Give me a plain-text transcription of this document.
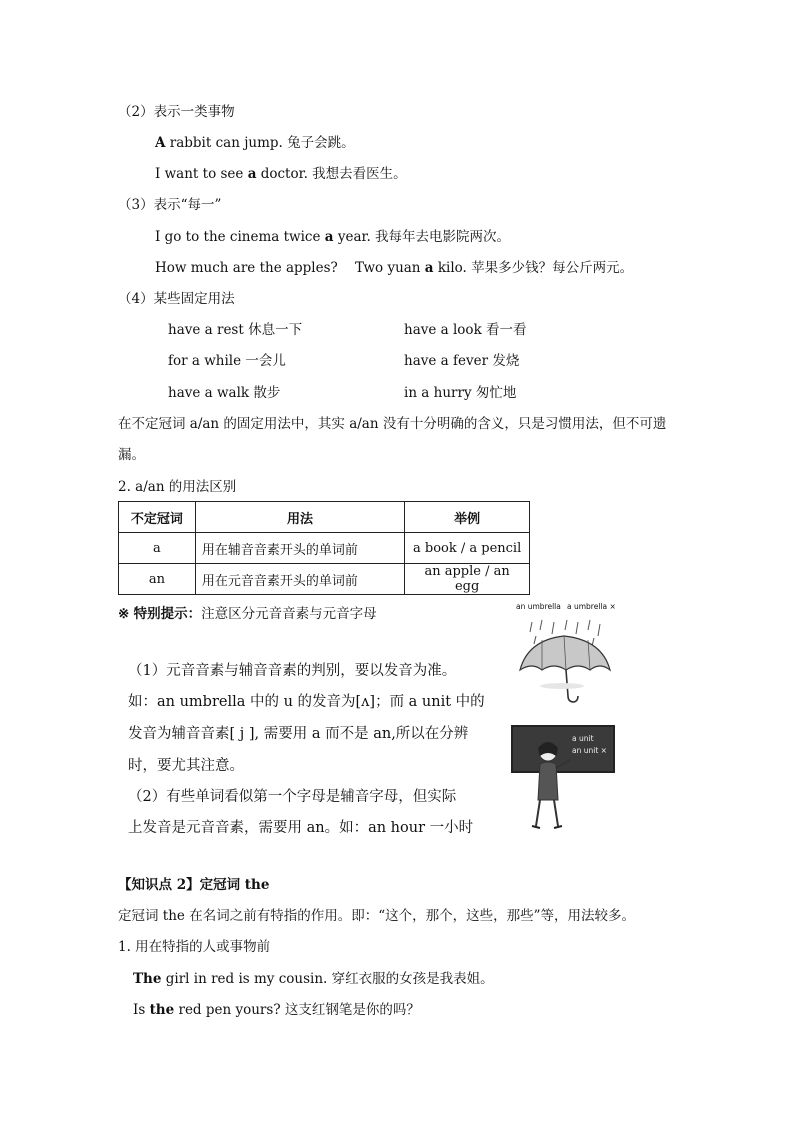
（2）表示一类事物
A rabbit can jump. 兔子会跳。
I want to see a doctor. 我想去看医生。
（3）表示“每一”
I go to the cinema twice a year. 我每年去电影院两次。
How much are the apples?    Two yuan a kilo. 苹果多少钱？每公斤两元。
（4）某些固定用法
have a rest 休息一下	have a look 看一看
for a while 一会儿	have a fever 发烧
have a walk 散步	in a hurry 匆忙地
在不定冠词 a/an 的固定用法中，其实 a/an 没有十分明确的含义，只是习惯用法，但不可遗
漏。
2. a/an 的用法区别
不定冠词	用法	举例
a	用在辅音音素开头的单词前	a book / a pencil
an	用在元音音素开头的单词前	an apple / an egg
※ 特别提示：注意区分元音音素与元音字母
（1）元音音素与辅音音素的判别，要以发音为准。
如：an umbrella 中的 u 的发音为[ʌ]；而 a unit 中的
发音为辅音音素[ j ], 需要用 a 而不是 an,所以在分辨
时，要尤其注意。
（2）有些单词看似第一个字母是辅音字母，但实际
上发音是元音音素，需要用 an。如：an hour 一小时
an umbrella a umbrella ×
a unit
an unit ×
【知识点 2】定冠词 the
定冠词 the 在名词之前有特指的作用。即：“这个，那个，这些，那些”等，用法较多。
1. 用在特指的人或事物前
The girl in red is my cousin. 穿红衣服的女孩是我表姐。
Is the red pen yours? 这支红钢笔是你的吗？
